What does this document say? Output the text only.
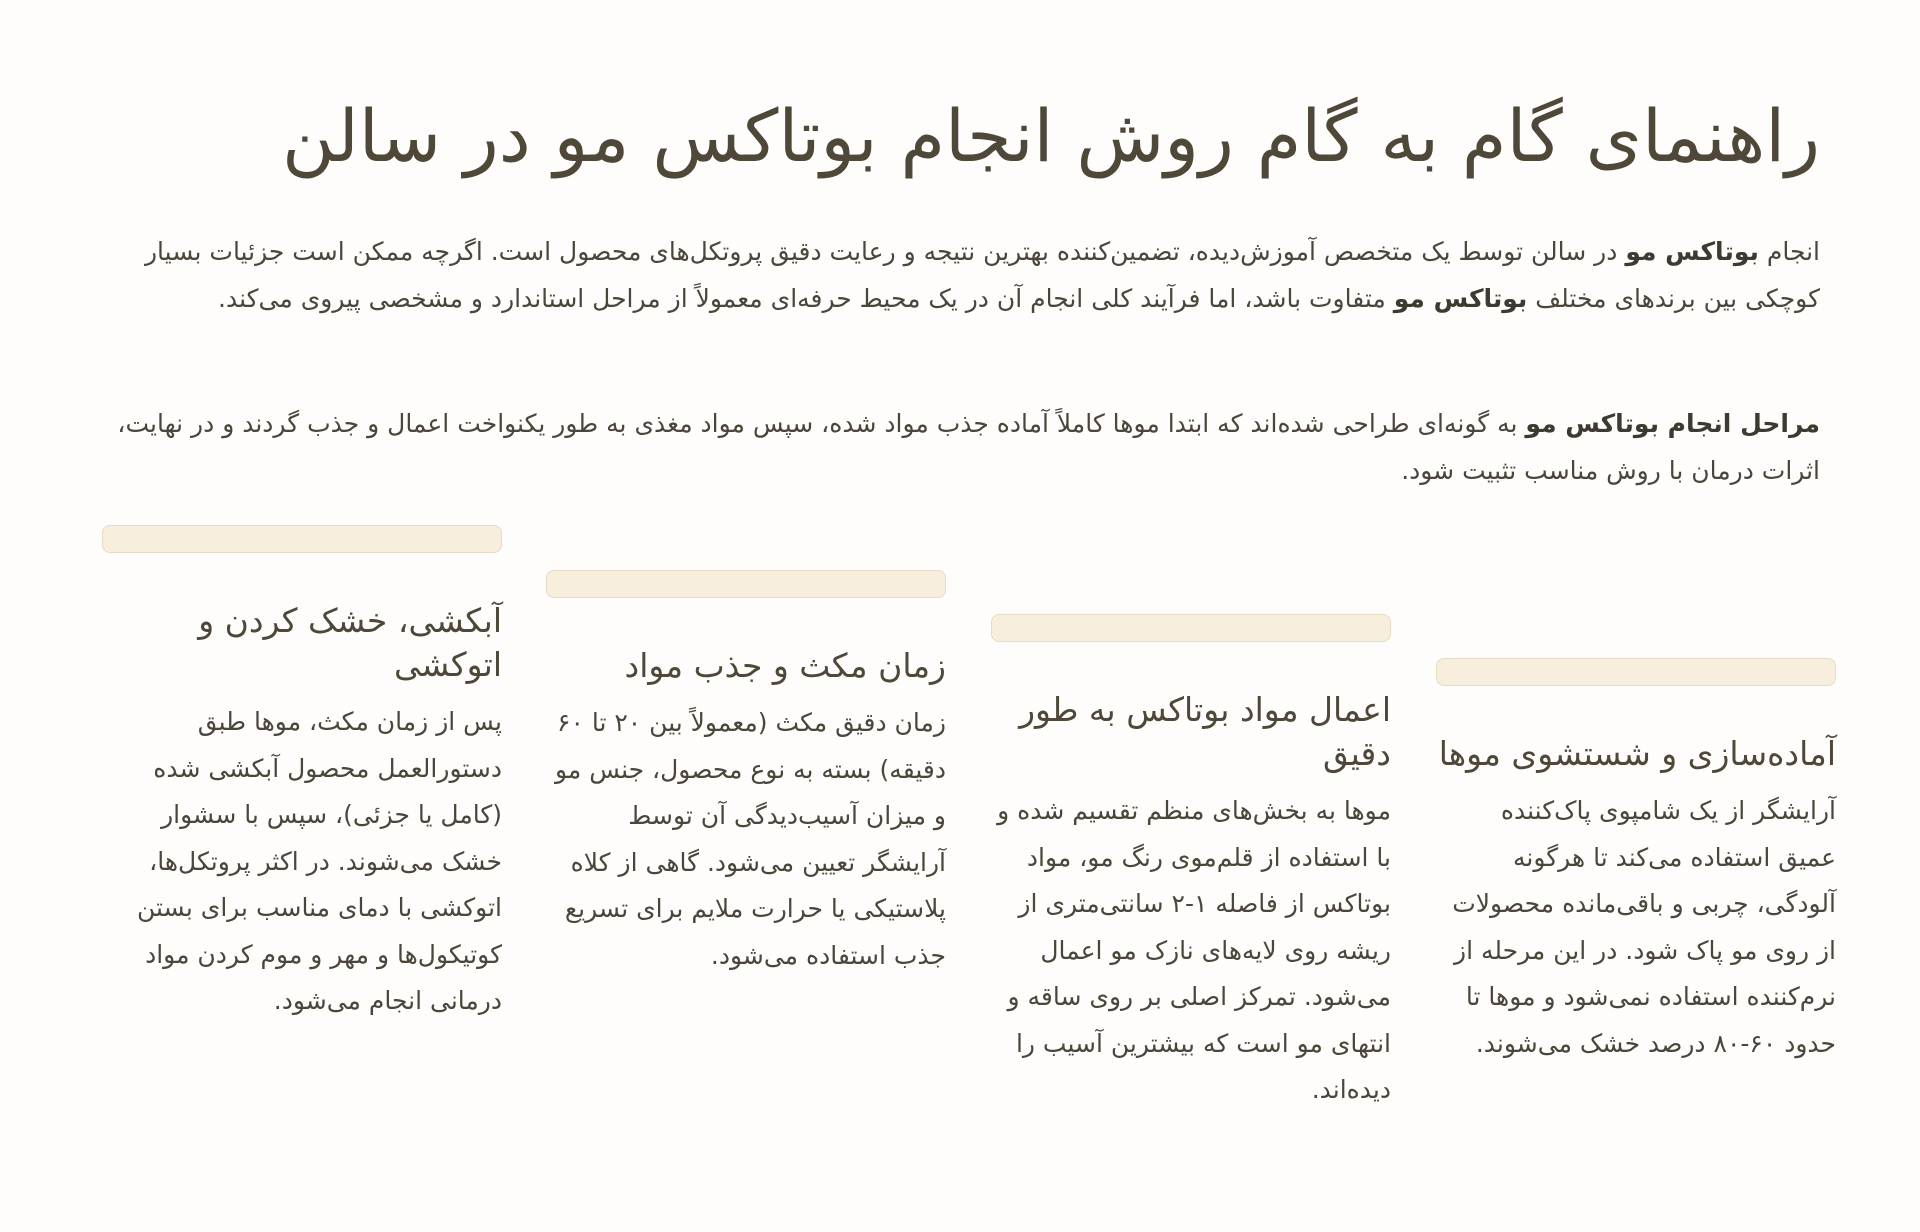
راهنمای گام به گام روش انجام بوتاکس مو در سالن

انجام بوتاکس مو در سالن توسط یک متخصص آموزش‌دیده، تضمین‌کننده بهترین نتیجه و رعایت دقیق پروتکل‌های محصول است. اگرچه ممکن است جزئیات بسیار کوچکی بین برندهای مختلف بوتاکس مو متفاوت باشد، اما فرآیند کلی انجام آن در یک محیط حرفه‌ای معمولاً از مراحل استاندارد و مشخصی پیروی می‌کند.

مراحل انجام بوتاکس مو به گونه‌ای طراحی شده‌اند که ابتدا موها کاملاً آماده جذب مواد شده، سپس مواد مغذی به طور یکنواخت اعمال و جذب گردند و در نهایت، اثرات درمان با روش مناسب تثبیت شود.

آماده‌سازی و شستشوی موها

آرایشگر از یک شامپوی پاک‌کننده عمیق استفاده می‌کند تا هرگونه آلودگی، چربی و باقی‌مانده محصولات از روی مو پاک شود. در این مرحله از نرم‌کننده استفاده نمی‌شود و موها تا حدود ۶۰-۸۰ درصد خشک می‌شوند.

اعمال مواد بوتاکس به طور دقیق

موها به بخش‌های منظم تقسیم شده و با استفاده از قلم‌موی رنگ مو، مواد بوتاکس از فاصله ۱-۲ سانتی‌متری از ریشه روی لایه‌های نازک مو اعمال می‌شود. تمرکز اصلی بر روی ساقه و انتهای مو است که بیشترین آسیب را دیده‌اند.

زمان مکث و جذب مواد

زمان دقیق مکث (معمولاً بین ۲۰ تا ۶۰ دقیقه) بسته به نوع محصول، جنس مو و میزان آسیب‌دیدگی آن توسط آرایشگر تعیین می‌شود. گاهی از کلاه پلاستیکی یا حرارت ملایم برای تسریع جذب استفاده می‌شود.

آبکشی، خشک کردن و اتوکشی

پس از زمان مکث، موها طبق دستورالعمل محصول آبکشی شده (کامل یا جزئی)، سپس با سشوار خشک می‌شوند. در اکثر پروتکل‌ها، اتوکشی با دمای مناسب برای بستن کوتیکول‌ها و مهر و موم کردن مواد درمانی انجام می‌شود.
